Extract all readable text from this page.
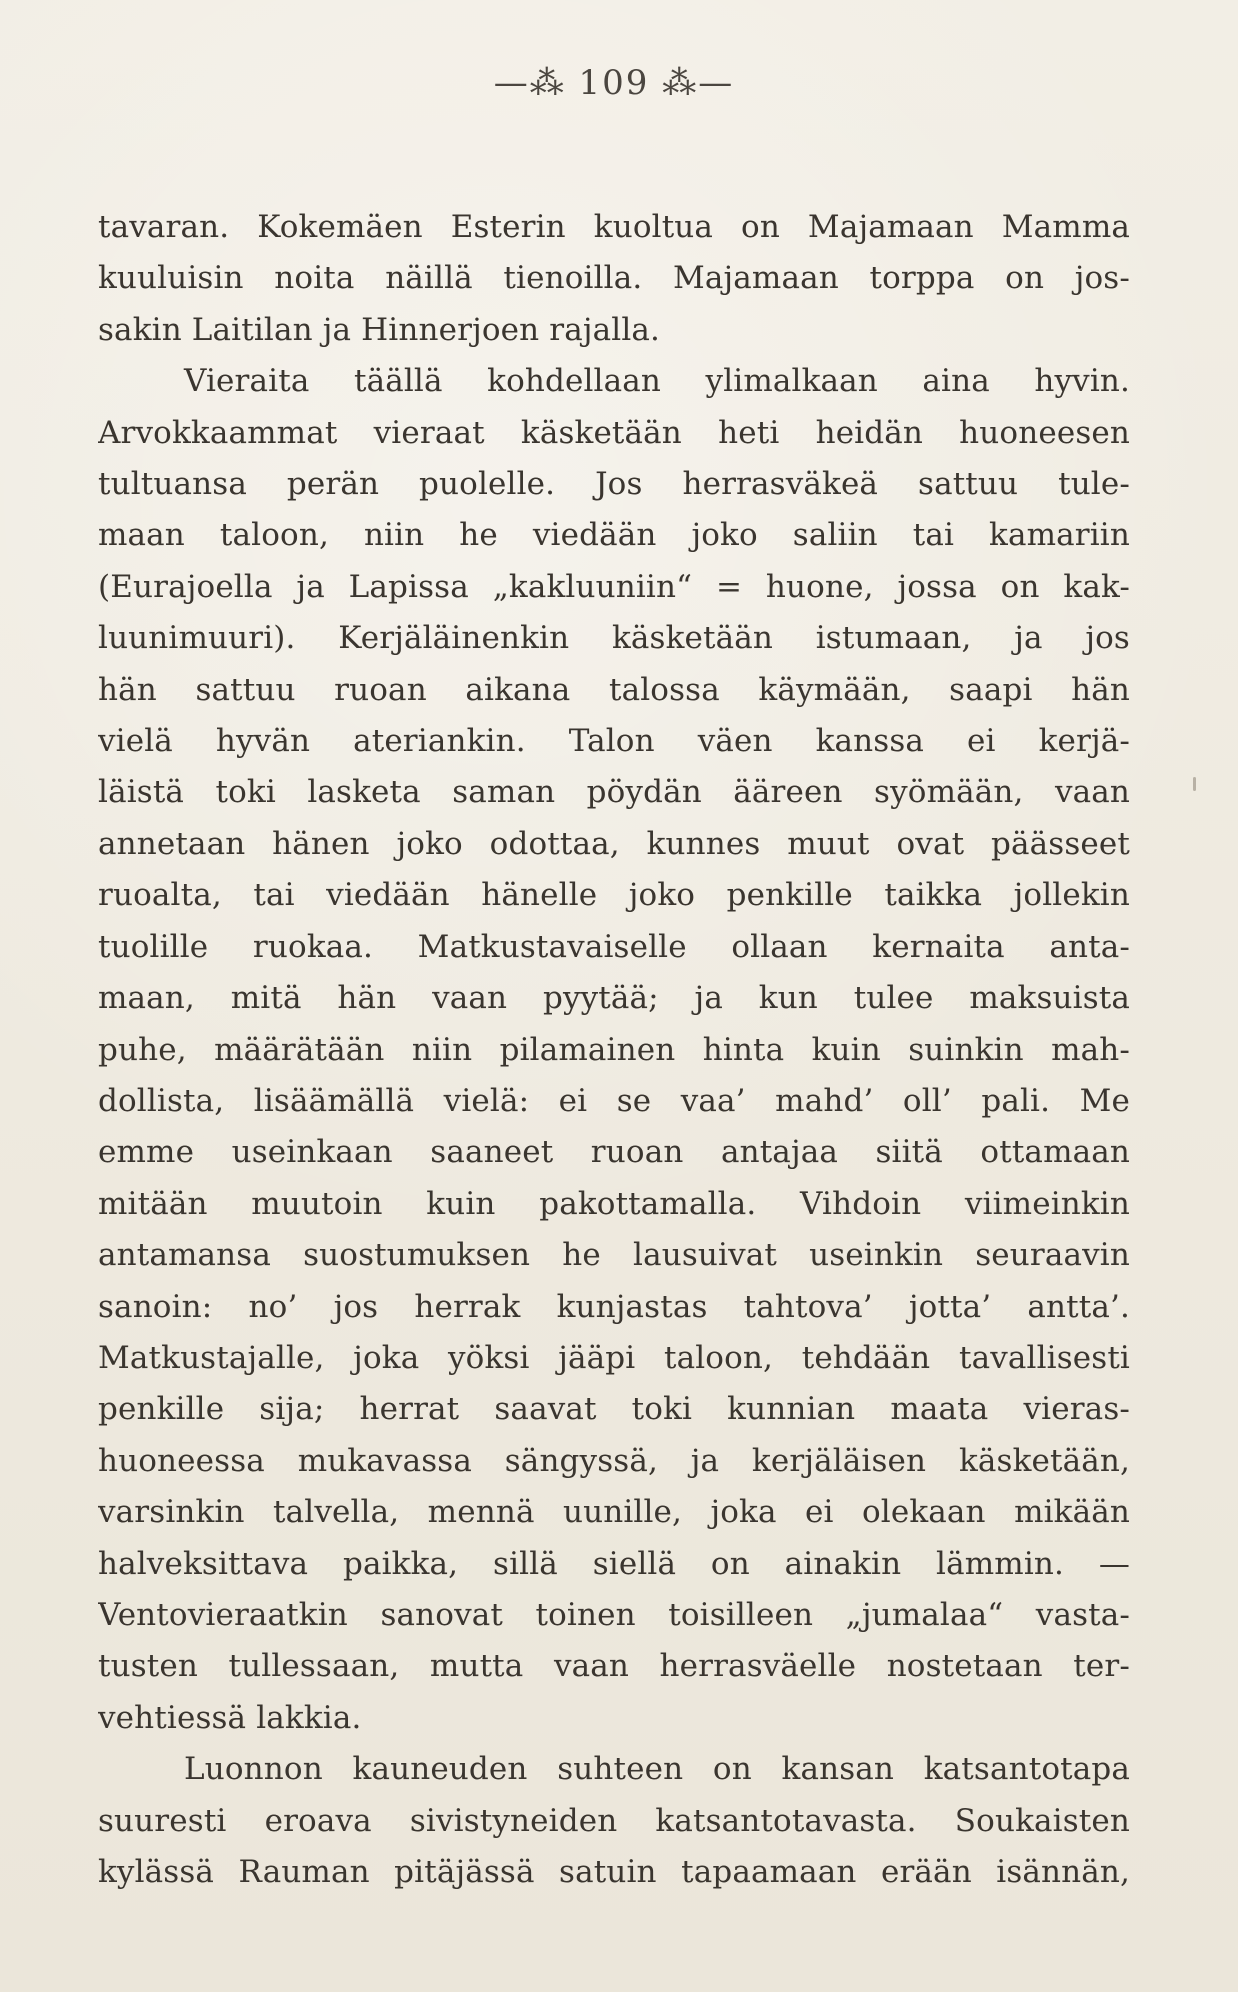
—⁂ 109 ⁂—
tavaran. Kokemäen Esterin kuoltua on Majamaan Mamma
kuuluisin noita näillä tienoilla. Majamaan torppa on jos-
sakin Laitilan ja Hinnerjoen rajalla.
Vieraita täällä kohdellaan ylimalkaan aina hyvin.
Arvokkaammat vieraat käsketään heti heidän huoneesen
tultuansa perän puolelle. Jos herrasväkeä sattuu tule-
maan taloon, niin he viedään joko saliin tai kamariin
(Eurajoella ja Lapissa „kakluuniin“ = huone, jossa on kak-
luunimuuri). Kerjäläinenkin käsketään istumaan, ja jos
hän sattuu ruoan aikana talossa käymään, saapi hän
vielä hyvän ateriankin. Talon väen kanssa ei kerjä-
läistä toki lasketa saman pöydän ääreen syömään, vaan
annetaan hänen joko odottaa, kunnes muut ovat päässeet
ruoalta, tai viedään hänelle joko penkille taikka jollekin
tuolille ruokaa. Matkustavaiselle ollaan kernaita anta-
maan, mitä hän vaan pyytää; ja kun tulee maksuista
puhe, määrätään niin pilamainen hinta kuin suinkin mah-
dollista, lisäämällä vielä: ei se vaa’ mahd’ oll’ pali. Me
emme useinkaan saaneet ruoan antajaa siitä ottamaan
mitään muutoin kuin pakottamalla. Vihdoin viimeinkin
antamansa suostumuksen he lausuivat useinkin seuraavin
sanoin: no’ jos herrak kunjastas tahtova’ jotta’ antta’.
Matkustajalle, joka yöksi jääpi taloon, tehdään tavallisesti
penkille sija; herrat saavat toki kunnian maata vieras-
huoneessa mukavassa sängyssä, ja kerjäläisen käsketään,
varsinkin talvella, mennä uunille, joka ei olekaan mikään
halveksittava paikka, sillä siellä on ainakin lämmin. —
Ventovieraatkin sanovat toinen toisilleen „jumalaa“ vasta-
tusten tullessaan, mutta vaan herrasväelle nostetaan ter-
vehtiessä lakkia.
Luonnon kauneuden suhteen on kansan katsantotapa
suuresti eroava sivistyneiden katsantotavasta. Soukaisten
kylässä Rauman pitäjässä satuin tapaamaan erään isännän,
